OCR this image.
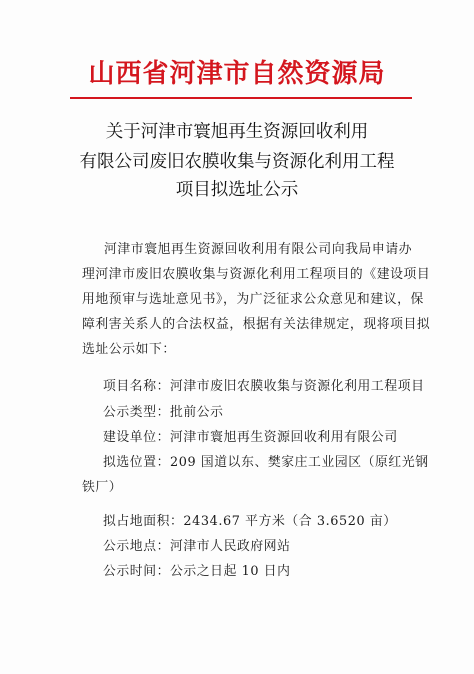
山西省河津市自然资源局
关于河津市寰旭再生资源回收利用
有限公司废旧农膜收集与资源化利用工程
项目拟选址公示
河津市寰旭再生资源回收利用有限公司向我局申请办
理河津市废旧农膜收集与资源化利用工程项目的《建设项目
用地预审与选址意见书》，为广泛征求公众意见和建议，保
障利害关系人的合法权益，根据有关法律规定，现将项目拟
选址公示如下：
项目名称：河津市废旧农膜收集与资源化利用工程项目
公示类型：批前公示
建设单位：河津市寰旭再生资源回收利用有限公司
拟选位置：209 国道以东、樊家庄工业园区（原红光钢
铁厂）
拟占地面积：2434.67 平方米（合 3.6520 亩）
公示地点：河津市人民政府网站
公示时间：公示之日起 10 日内
